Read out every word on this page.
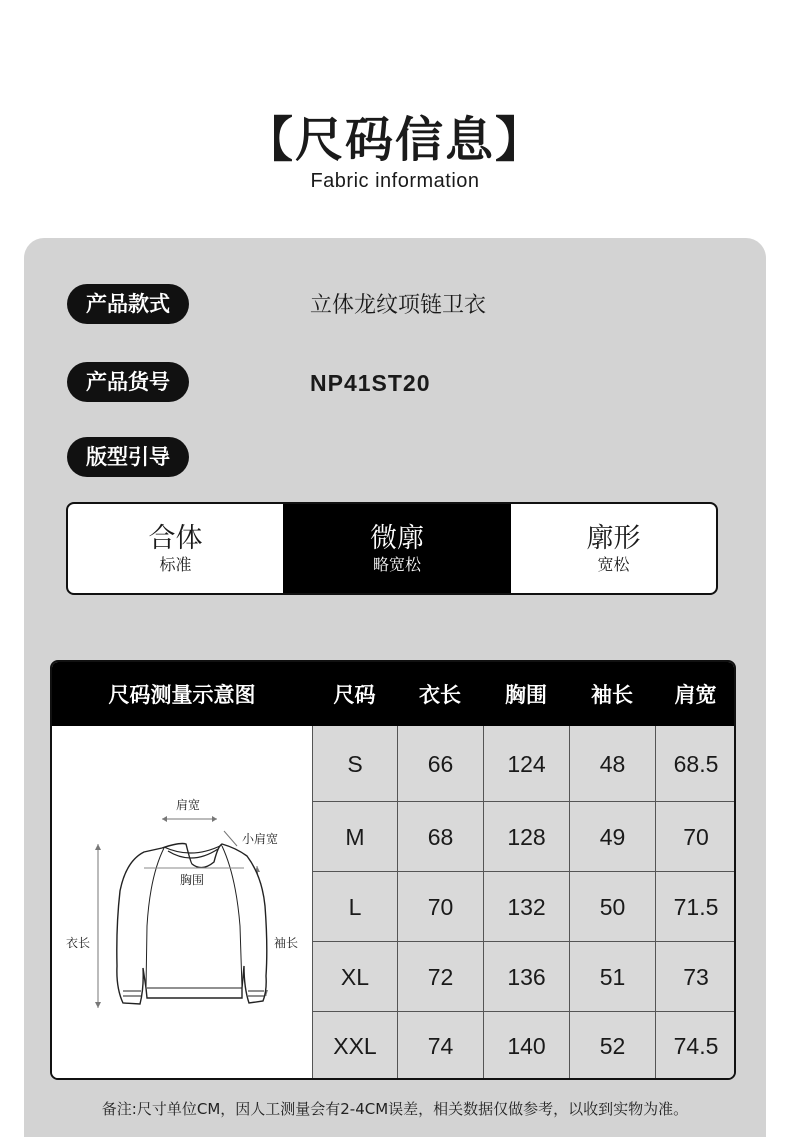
【尺码信息】
Fabric information
产品款式	立体龙纹项链卫衣
产品货号	NP41ST20
版型引导
合体
标准
微廓
略宽松
廓形
宽松
尺码测量示意图	尺码	衣长	胸围	袖长	肩宽
肩宽
小肩宽
胸围
衣长	袖长
S	66	124	48	68.5
M	68	128	49	70
L	70	132	50	71.5
XL	72	136	51	73
XXL	74	140	52	74.5
备注:尺寸单位CM，因人工测量会有2-4CM误差，相关数据仅做参考，以收到实物为准。
